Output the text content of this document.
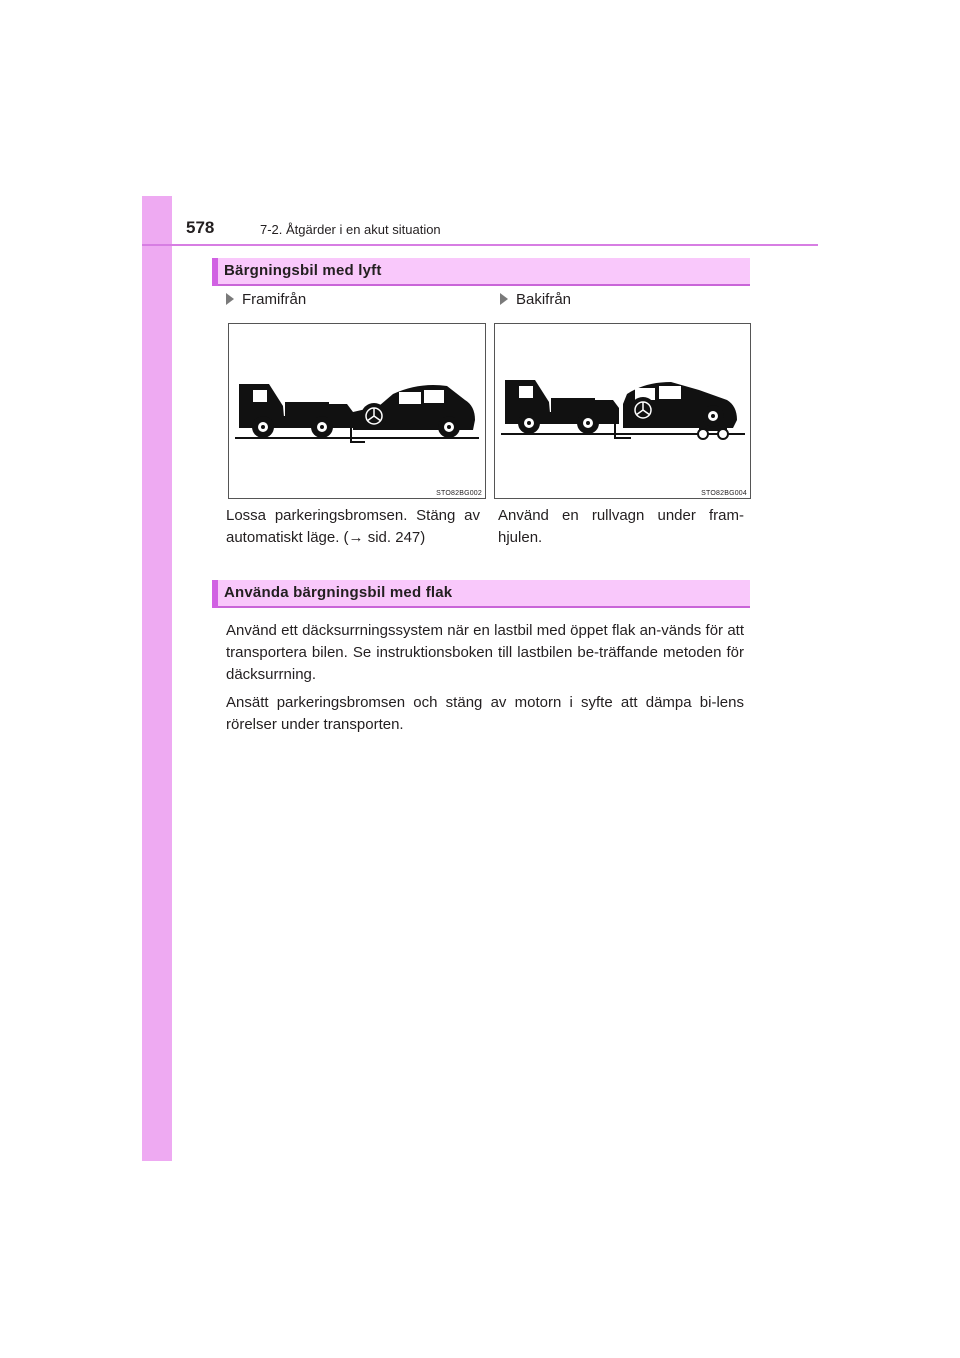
578	7-2. Åtgärder i en akut situation
Bärgningsbil med lyft
Framifrån	Bakifrån
STO82BG002	STO82BG004
Lossa parkeringsbromsen. Stäng av automatiskt läge. (→ sid. 247)
Använd en rullvagn under fram-hjulen.
Använda bärgningsbil med flak

Använd ett däcksurrningssystem när en lastbil med öppet flak an-vänds för att transportera bilen. Se instruktionsboken till lastbilen be-träffande metoden för däcksurrning.

Ansätt parkeringsbromsen och stäng av motorn i syfte att dämpa bi-lens rörelser under transporten.
